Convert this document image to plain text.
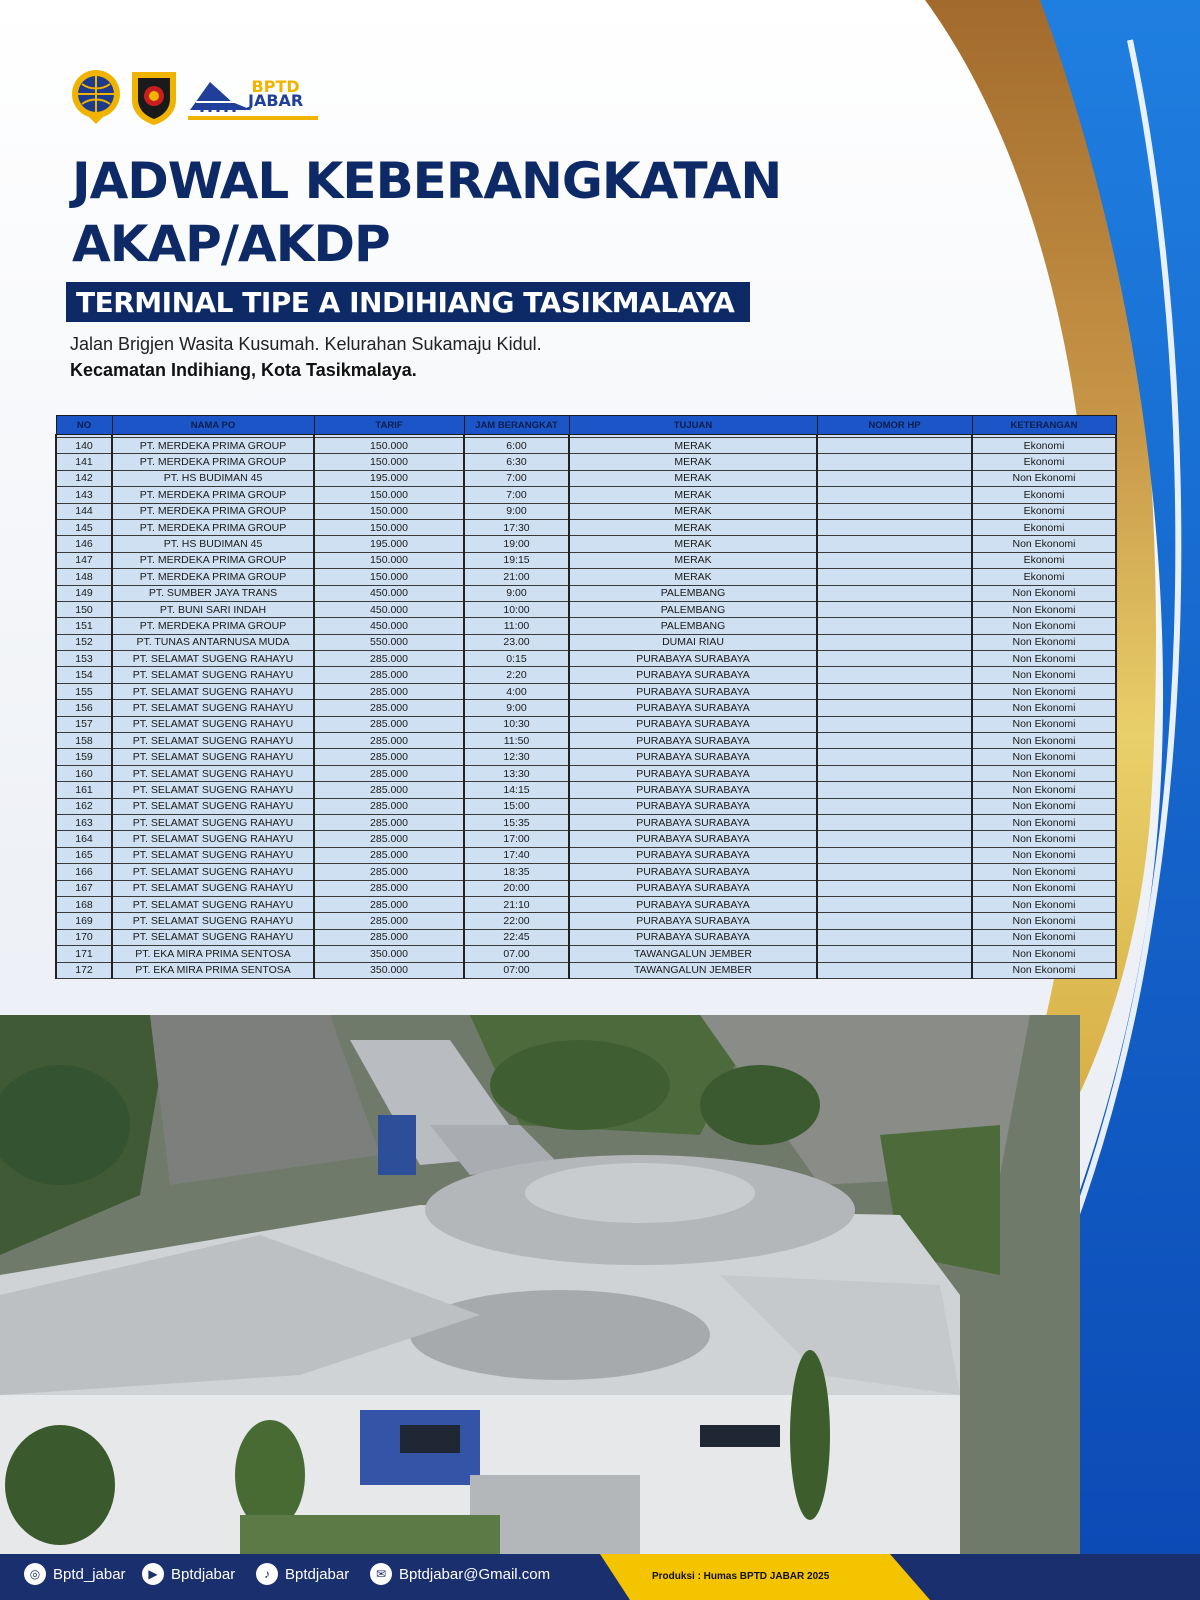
BPTD
JABAR
JADWAL KEBERANGKATAN
AKAP/AKDP
TERMINAL TIPE A INDIHIANG TASIKMALAYA
Jalan Brigjen Wasita Kusumah. Kelurahan Sukamaju Kidul.
Kecamatan Indihiang, Kota Tasikmalaya.
NO	NAMA PO	TARIF	JAM BERANGKAT	TUJUAN	NOMOR HP	KETERANGAN

140	PT. MERDEKA PRIMA GROUP	150.000	6:00	MERAK		Ekonomi
141	PT. MERDEKA PRIMA GROUP	150.000	6:30	MERAK		Ekonomi
142	PT. HS BUDIMAN 45	195.000	7:00	MERAK		Non Ekonomi
143	PT. MERDEKA PRIMA GROUP	150.000	7:00	MERAK		Ekonomi
144	PT. MERDEKA PRIMA GROUP	150.000	9:00	MERAK		Ekonomi
145	PT. MERDEKA PRIMA GROUP	150.000	17:30	MERAK		Ekonomi
146	PT. HS BUDIMAN 45	195.000	19:00	MERAK		Non Ekonomi
147	PT. MERDEKA PRIMA GROUP	150.000	19:15	MERAK		Ekonomi
148	PT. MERDEKA PRIMA GROUP	150.000	21:00	MERAK		Ekonomi
149	PT. SUMBER JAYA TRANS	450.000	9:00	PALEMBANG		Non Ekonomi
150	PT. BUNI SARI INDAH	450.000	10:00	PALEMBANG		Non Ekonomi
151	PT. MERDEKA PRIMA GROUP	450.000	11:00	PALEMBANG		Non Ekonomi
152	PT. TUNAS ANTARNUSA MUDA	550.000	23.00	DUMAI RIAU		Non Ekonomi
153	PT. SELAMAT SUGENG RAHAYU	285.000	0:15	PURABAYA SURABAYA		Non Ekonomi
154	PT. SELAMAT SUGENG RAHAYU	285.000	2:20	PURABAYA SURABAYA		Non Ekonomi
155	PT. SELAMAT SUGENG RAHAYU	285.000	4:00	PURABAYA SURABAYA		Non Ekonomi
156	PT. SELAMAT SUGENG RAHAYU	285.000	9:00	PURABAYA SURABAYA		Non Ekonomi
157	PT. SELAMAT SUGENG RAHAYU	285.000	10:30	PURABAYA SURABAYA		Non Ekonomi
158	PT. SELAMAT SUGENG RAHAYU	285.000	11:50	PURABAYA SURABAYA		Non Ekonomi
159	PT. SELAMAT SUGENG RAHAYU	285.000	12:30	PURABAYA SURABAYA		Non Ekonomi
160	PT. SELAMAT SUGENG RAHAYU	285.000	13:30	PURABAYA SURABAYA		Non Ekonomi
161	PT. SELAMAT SUGENG RAHAYU	285.000	14:15	PURABAYA SURABAYA		Non Ekonomi
162	PT. SELAMAT SUGENG RAHAYU	285.000	15:00	PURABAYA SURABAYA		Non Ekonomi
163	PT. SELAMAT SUGENG RAHAYU	285.000	15:35	PURABAYA SURABAYA		Non Ekonomi
164	PT. SELAMAT SUGENG RAHAYU	285.000	17:00	PURABAYA SURABAYA		Non Ekonomi
165	PT. SELAMAT SUGENG RAHAYU	285.000	17:40	PURABAYA SURABAYA		Non Ekonomi
166	PT. SELAMAT SUGENG RAHAYU	285.000	18:35	PURABAYA SURABAYA		Non Ekonomi
167	PT. SELAMAT SUGENG RAHAYU	285.000	20:00	PURABAYA SURABAYA		Non Ekonomi
168	PT. SELAMAT SUGENG RAHAYU	285.000	21:10	PURABAYA SURABAYA		Non Ekonomi
169	PT. SELAMAT SUGENG RAHAYU	285.000	22:00	PURABAYA SURABAYA		Non Ekonomi
170	PT. SELAMAT SUGENG RAHAYU	285.000	22:45	PURABAYA SURABAYA		Non Ekonomi
171	PT. EKA MIRA PRIMA SENTOSA	350.000	07.00	TAWANGALUN JEMBER		Non Ekonomi
172	PT. EKA MIRA PRIMA SENTOSA	350.000	07:00	TAWANGALUN JEMBER		Non Ekonomi
◎ Bptd_jabar	▶ Bptdjabar	♪	Bptdjabar	✉ Bptdjabar@Gmail.com	Produksi : Humas BPTD JABAR 2025
